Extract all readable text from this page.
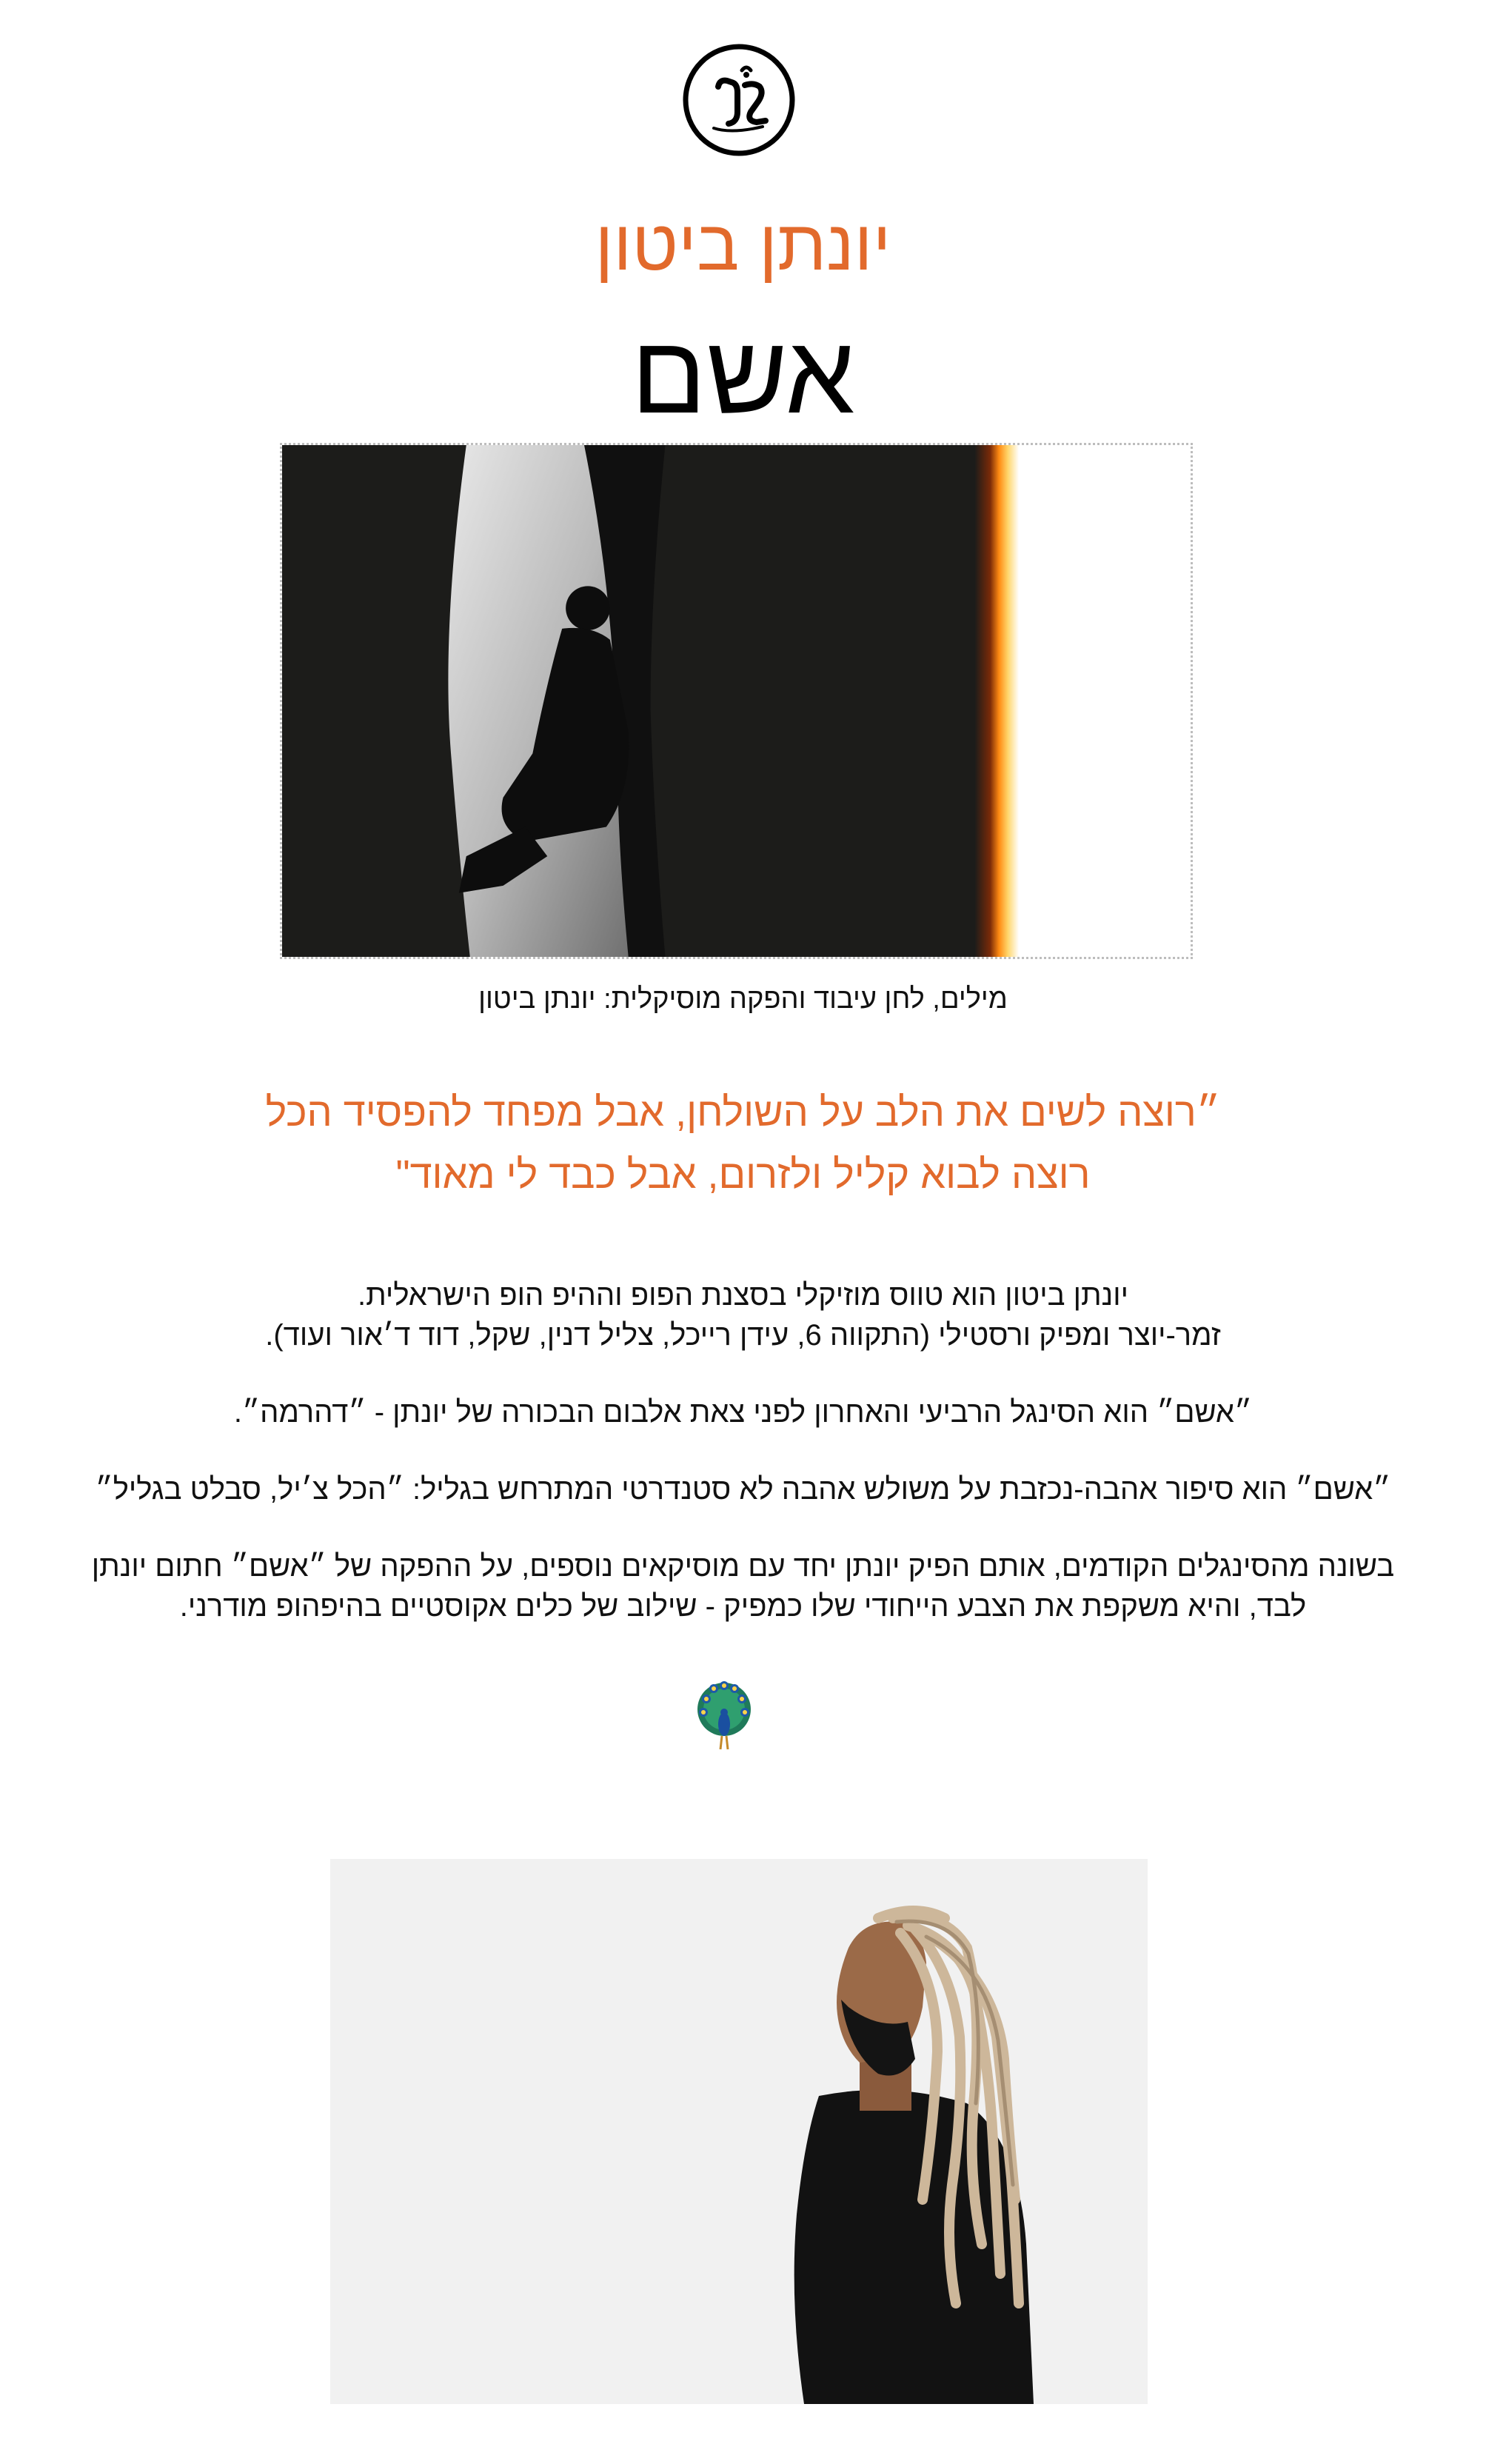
יונתן ביטון
אשם
מילים, לחן עיבוד והפקה מוסיקלית: יונתן ביטון
״רוצה לשים את הלב על השולחן, אבל מפחד להפסיד הכל
רוצה לבוא קליל ולזרום, אבל כבד לי מאוד"

יונתן ביטון הוא טווס מוזיקלי בסצנת הפופ וההיפ הופ הישראלית.

זמר-יוצר ומפיק ורסטילי (התקווה 6, עידן רייכל, צליל דנין, שקל, דוד ד׳אור ועוד).

״אשם״ הוא הסינגל הרביעי והאחרון לפני צאת אלבום הבכורה של יונתן - ״דהרמה״.

״אשם״ הוא סיפור אהבה-נכזבת על משולש אהבה לא סטנדרטי המתרחש בגליל: ״הכל צ׳יל, סבלט בגליל״

בשונה מהסינגלים הקודמים, אותם הפיק יונתן יחד עם מוסיקאים נוספים, על ההפקה של ״אשם״ חתום יונתן

לבד, והיא משקפת את הצבע הייחודי שלו כמפיק - שילוב של כלים אקוסטיים בהיפהופ מודרני.
